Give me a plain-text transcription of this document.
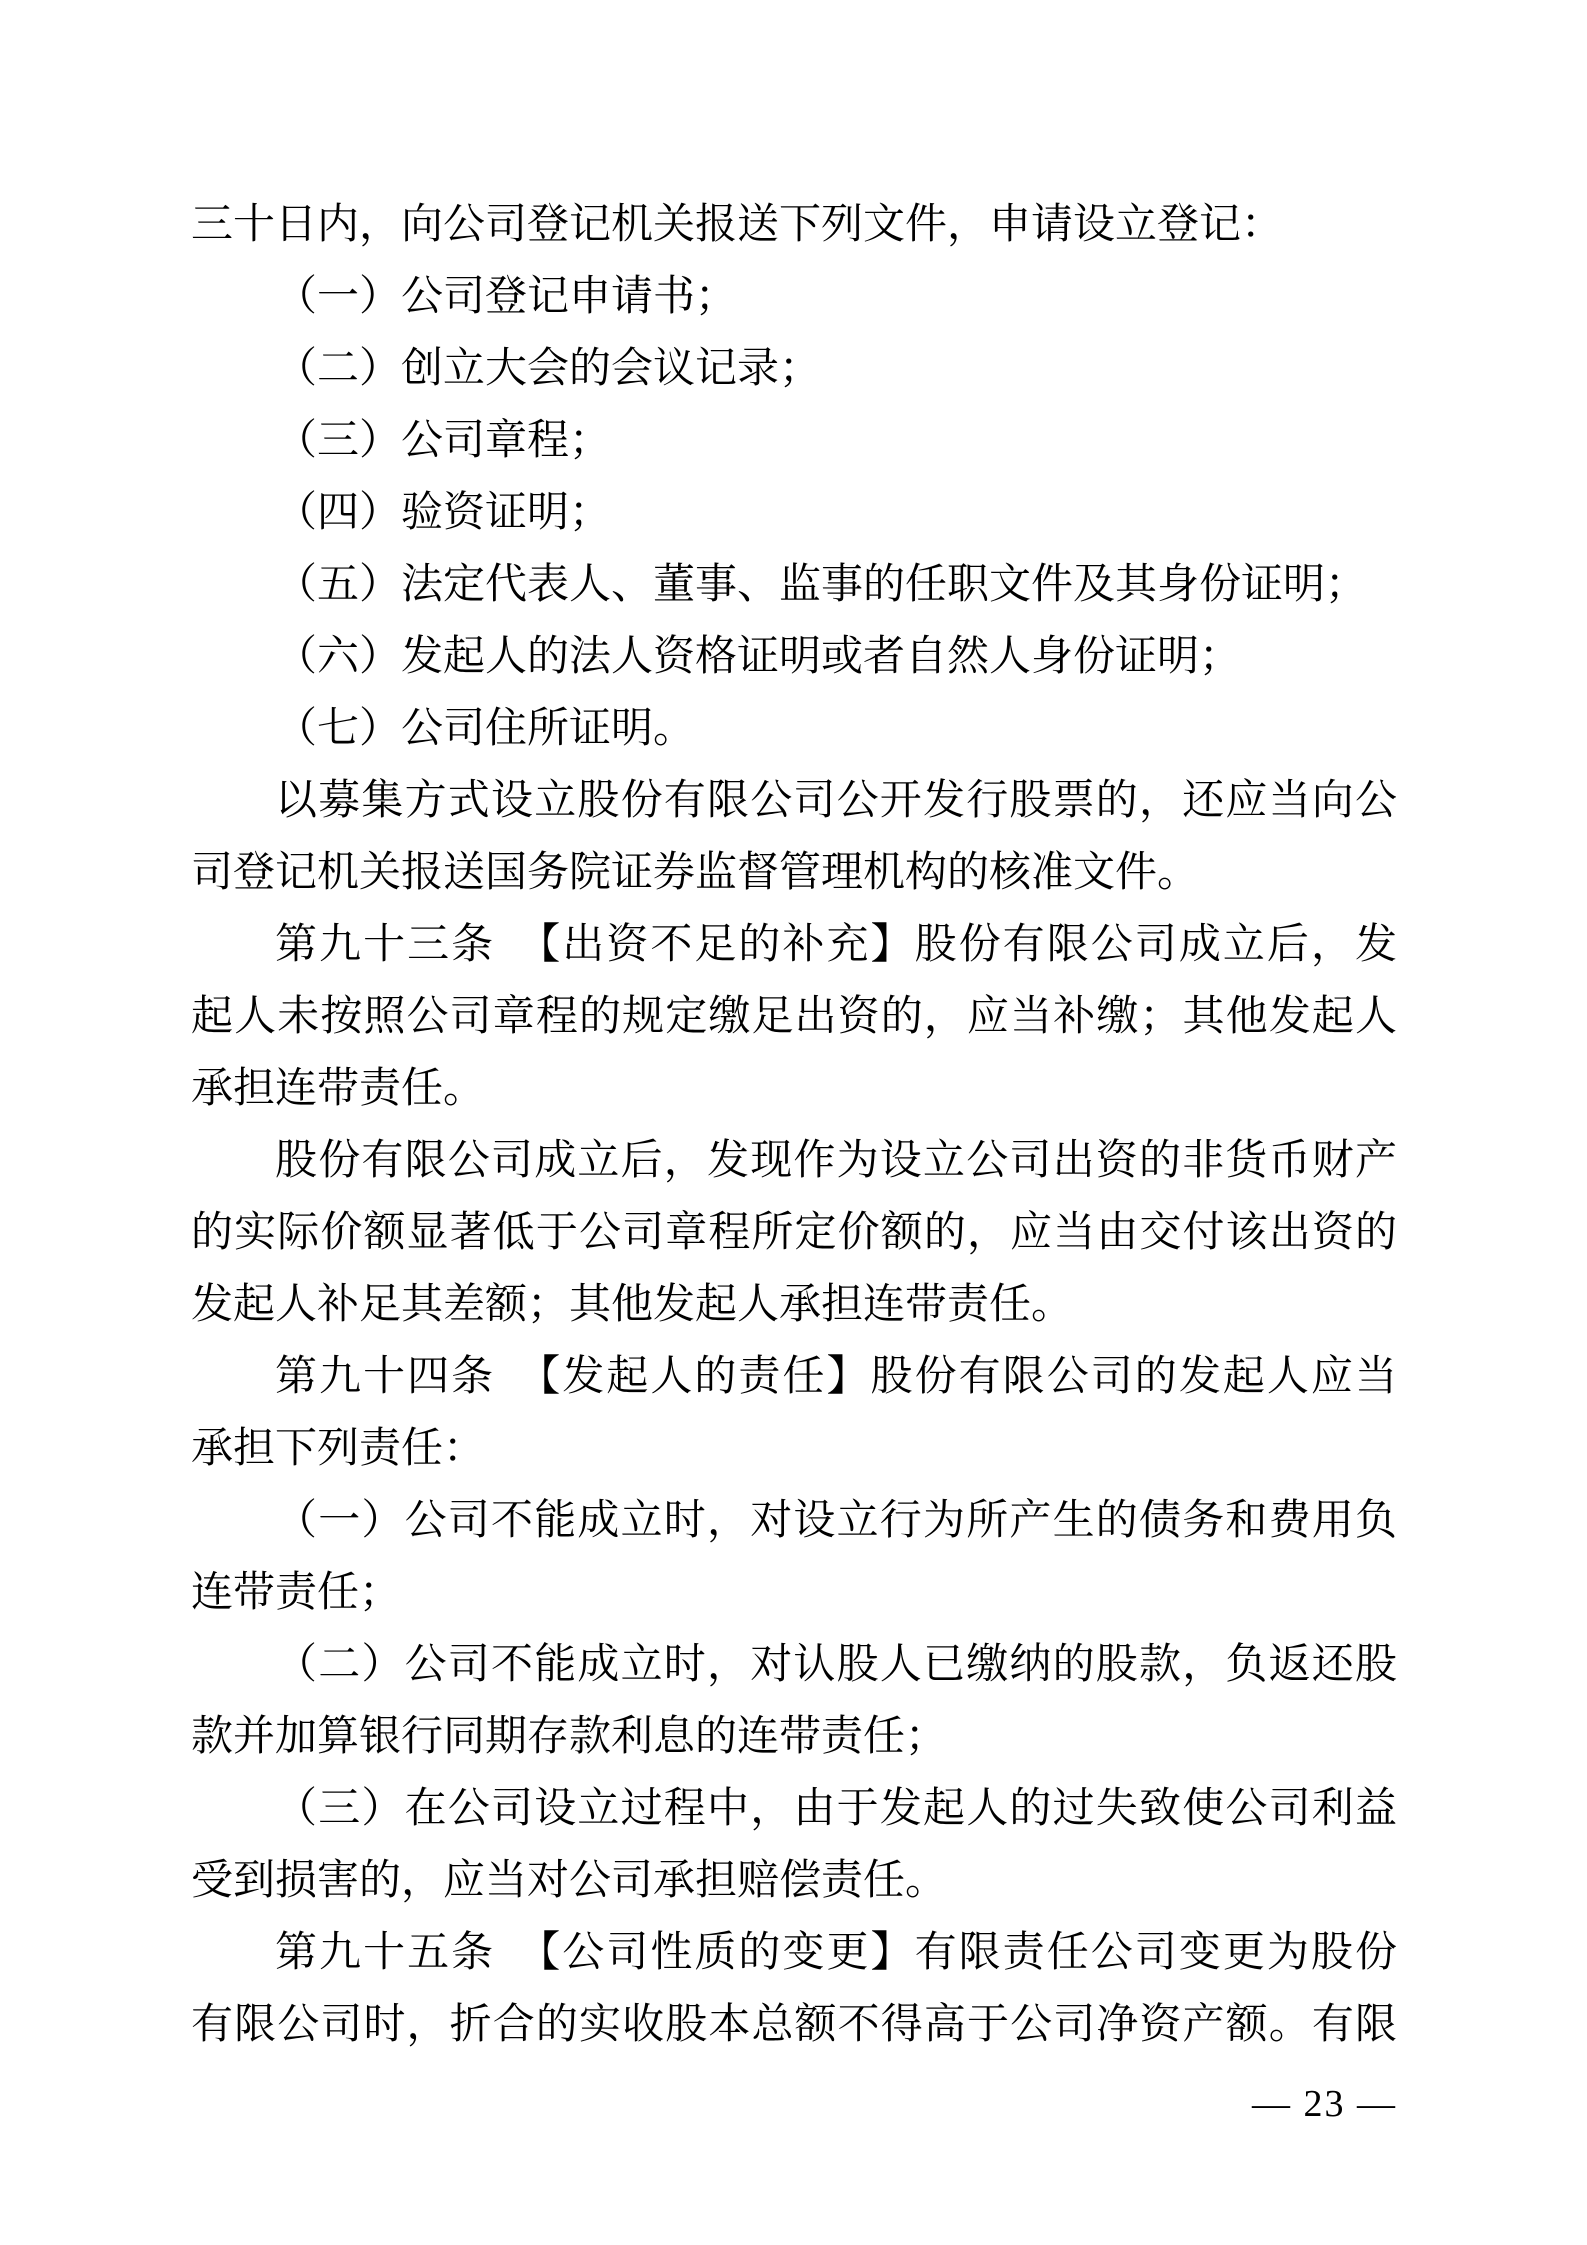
三十日内，向公司登记机关报送下列文件，申请设立登记：
（一）公司登记申请书；
（二）创立大会的会议记录；
（三）公司章程；
（四）验资证明；
（五）法定代表人、董事、监事的任职文件及其身份证明；
（六）发起人的法人资格证明或者自然人身份证明；
（七）公司住所证明。
以募集方式设立股份有限公司公开发行股票的，还应当向公
司登记机关报送国务院证券监督管理机构的核准文件。
第九十三条　【出资不足的补充】股份有限公司成立后，发
起人未按照公司章程的规定缴足出资的，应当补缴；其他发起人
承担连带责任。
股份有限公司成立后，发现作为设立公司出资的非货币财产
的实际价额显著低于公司章程所定价额的，应当由交付该出资的
发起人补足其差额；其他发起人承担连带责任。
第九十四条　【发起人的责任】股份有限公司的发起人应当
承担下列责任：
（一）公司不能成立时，对设立行为所产生的债务和费用负
连带责任；
（二）公司不能成立时，对认股人已缴纳的股款，负返还股
款并加算银行同期存款利息的连带责任；
（三）在公司设立过程中，由于发起人的过失致使公司利益
受到损害的，应当对公司承担赔偿责任。
第九十五条　【公司性质的变更】有限责任公司变更为股份
有限公司时，折合的实收股本总额不得高于公司净资产额。有限
— 23 —
